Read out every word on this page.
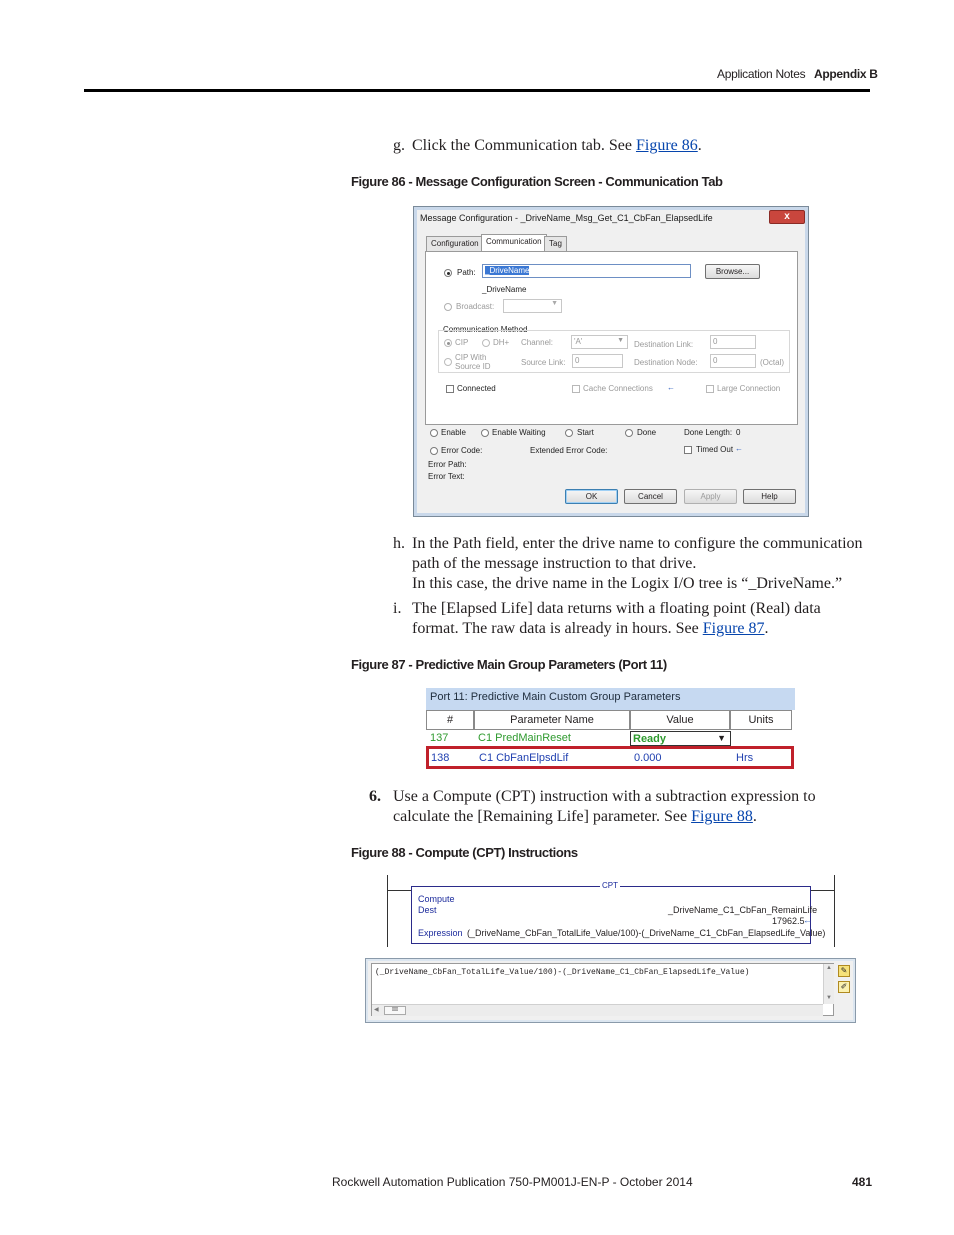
Application Notes Appendix B
g. Click the Communication tab. See Figure 86.
Figure 86 - Message Configuration Screen - Communication Tab
Message Configuration - _DriveName_Msg_Get_C1_CbFan_ElapsedLife	x
Configuration Communication Tag
Path:	_DriveName	Browse...
_DriveName
Broadcast:	▼
Communication Method
CIP	DH+ Channel:	'A'	▼ Destination Link:	0
CIP With
Source ID	Source Link:	0	Destination Node:	0	(Octal)
Connected	Cache Connections ←	Large Connection
Enable	Enable Waiting	Start	Done	Done Length: 0
Error Code:	Extended Error Code:	Timed Out ←
Error Path:
Error Text:
OK	Cancel	Apply	Help
h. In the Path field, enter the drive name to configure the communication
path of the message instruction to that drive.
In this case, the drive name in the Logix I/O tree is “_DriveName.”
i. The [Elapsed Life] data returns with a floating point (Real) data
format. The raw data is already in hours. See Figure 87.
Figure 87 - Predictive Main Group Parameters (Port 11)
Port 11: Predictive Main Custom Group Parameters
#	Parameter Name	Value	Units
137	C1 PredMainReset	Ready	▼
138	C1 CbFanElpsdLif	0.000	Hrs
6. Use a Compute (CPT) instruction with a subtraction expression to
calculate the [Remaining Life] parameter. See Figure 88.
Figure 88 - Compute (CPT) Instructions
CPT
Compute
Dest	_DriveName_C1_CbFan_RemainLife
17962.5
←
Expression (_DriveName_CbFan_TotalLife_Value/100)-(_DriveName_C1_CbFan_ElapsedLife_Value)
(_DriveName_CbFan_TotalLife_Value/100)-(_DriveName_C1_CbFan_ElapsedLife_Value)	▲
▼
◀	III
✎
✐
Rockwell Automation Publication 750-PM001J-EN-P - October 2014	481
